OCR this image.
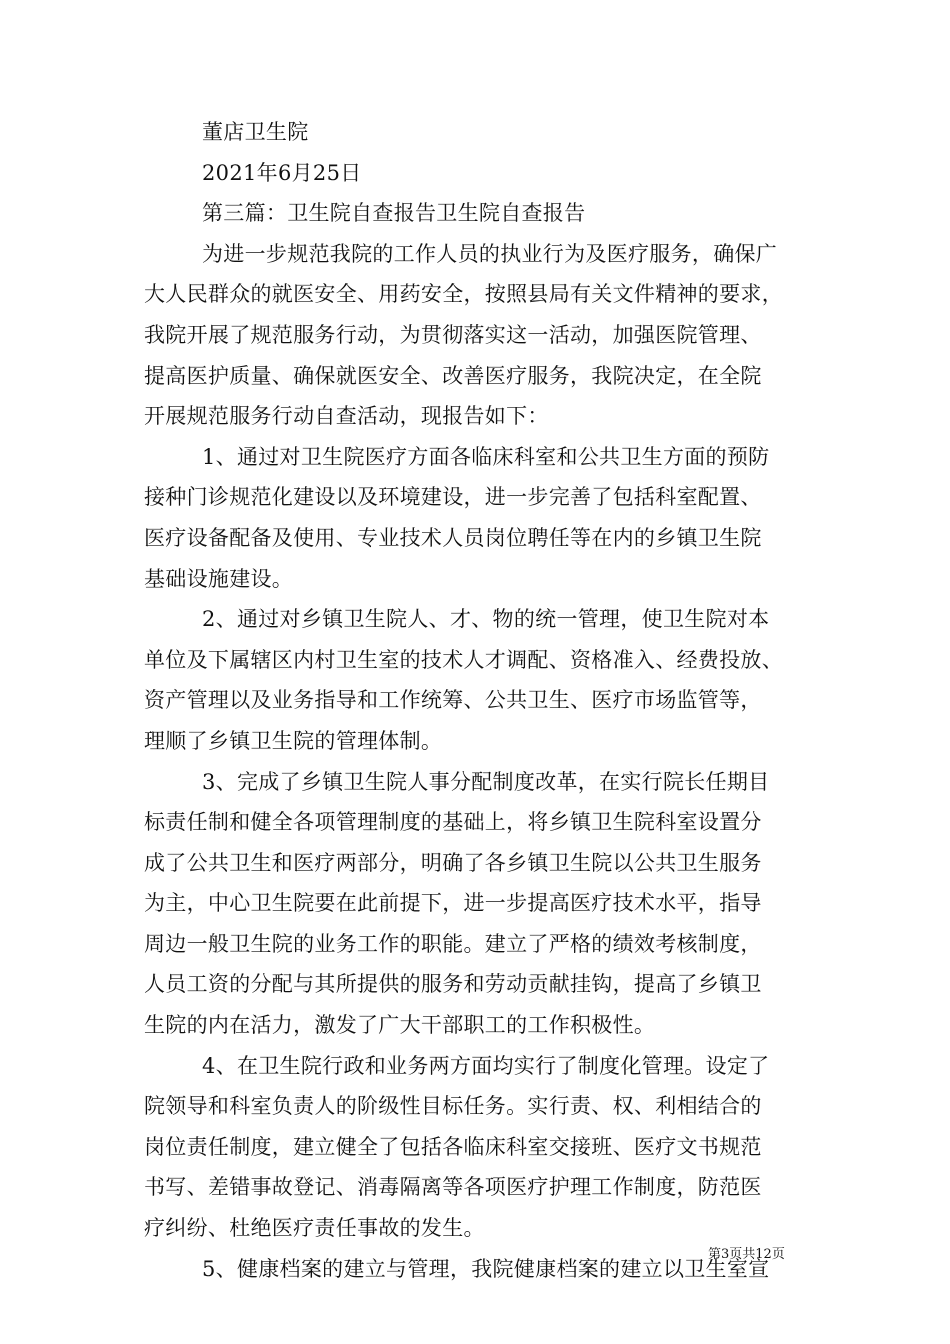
董店卫生院
2021年6月25日
第三篇：卫生院自查报告卫生院自查报告
为进一步规范我院的工作人员的执业行为及医疗服务，确保广
大人民群众的就医安全、用药安全，按照县局有关文件精神的要求，
我院开展了规范服务行动，为贯彻落实这一活动，加强医院管理、
提高医护质量、确保就医安全、改善医疗服务，我院决定，在全院
开展规范服务行动自查活动，现报告如下：
1、通过对卫生院医疗方面各临床科室和公共卫生方面的预防
接种门诊规范化建设以及环境建设，进一步完善了包括科室配置、
医疗设备配备及使用、专业技术人员岗位聘任等在内的乡镇卫生院
基础设施建设。
2、通过对乡镇卫生院人、才、物的统一管理，使卫生院对本
单位及下属辖区内村卫生室的技术人才调配、资格准入、经费投放、
资产管理以及业务指导和工作统筹、公共卫生、医疗市场监管等，
理顺了乡镇卫生院的管理体制。
3、完成了乡镇卫生院人事分配制度改革，在实行院长任期目
标责任制和健全各项管理制度的基础上，将乡镇卫生院科室设置分
成了公共卫生和医疗两部分，明确了各乡镇卫生院以公共卫生服务
为主，中心卫生院要在此前提下，进一步提高医疗技术水平，指导
周边一般卫生院的业务工作的职能。建立了严格的绩效考核制度，
人员工资的分配与其所提供的服务和劳动贡献挂钩，提高了乡镇卫
生院的内在活力，激发了广大干部职工的工作积极性。
4、在卫生院行政和业务两方面均实行了制度化管理。设定了
院领导和科室负责人的阶级性目标任务。实行责、权、利相结合的
岗位责任制度，建立健全了包括各临床科室交接班、医疗文书规范
书写、差错事故登记、消毒隔离等各项医疗护理工作制度，防范医
疗纠纷、杜绝医疗责任事故的发生。
5、健康档案的建立与管理，我院健康档案的建立以卫生室宣
第3页共12页
